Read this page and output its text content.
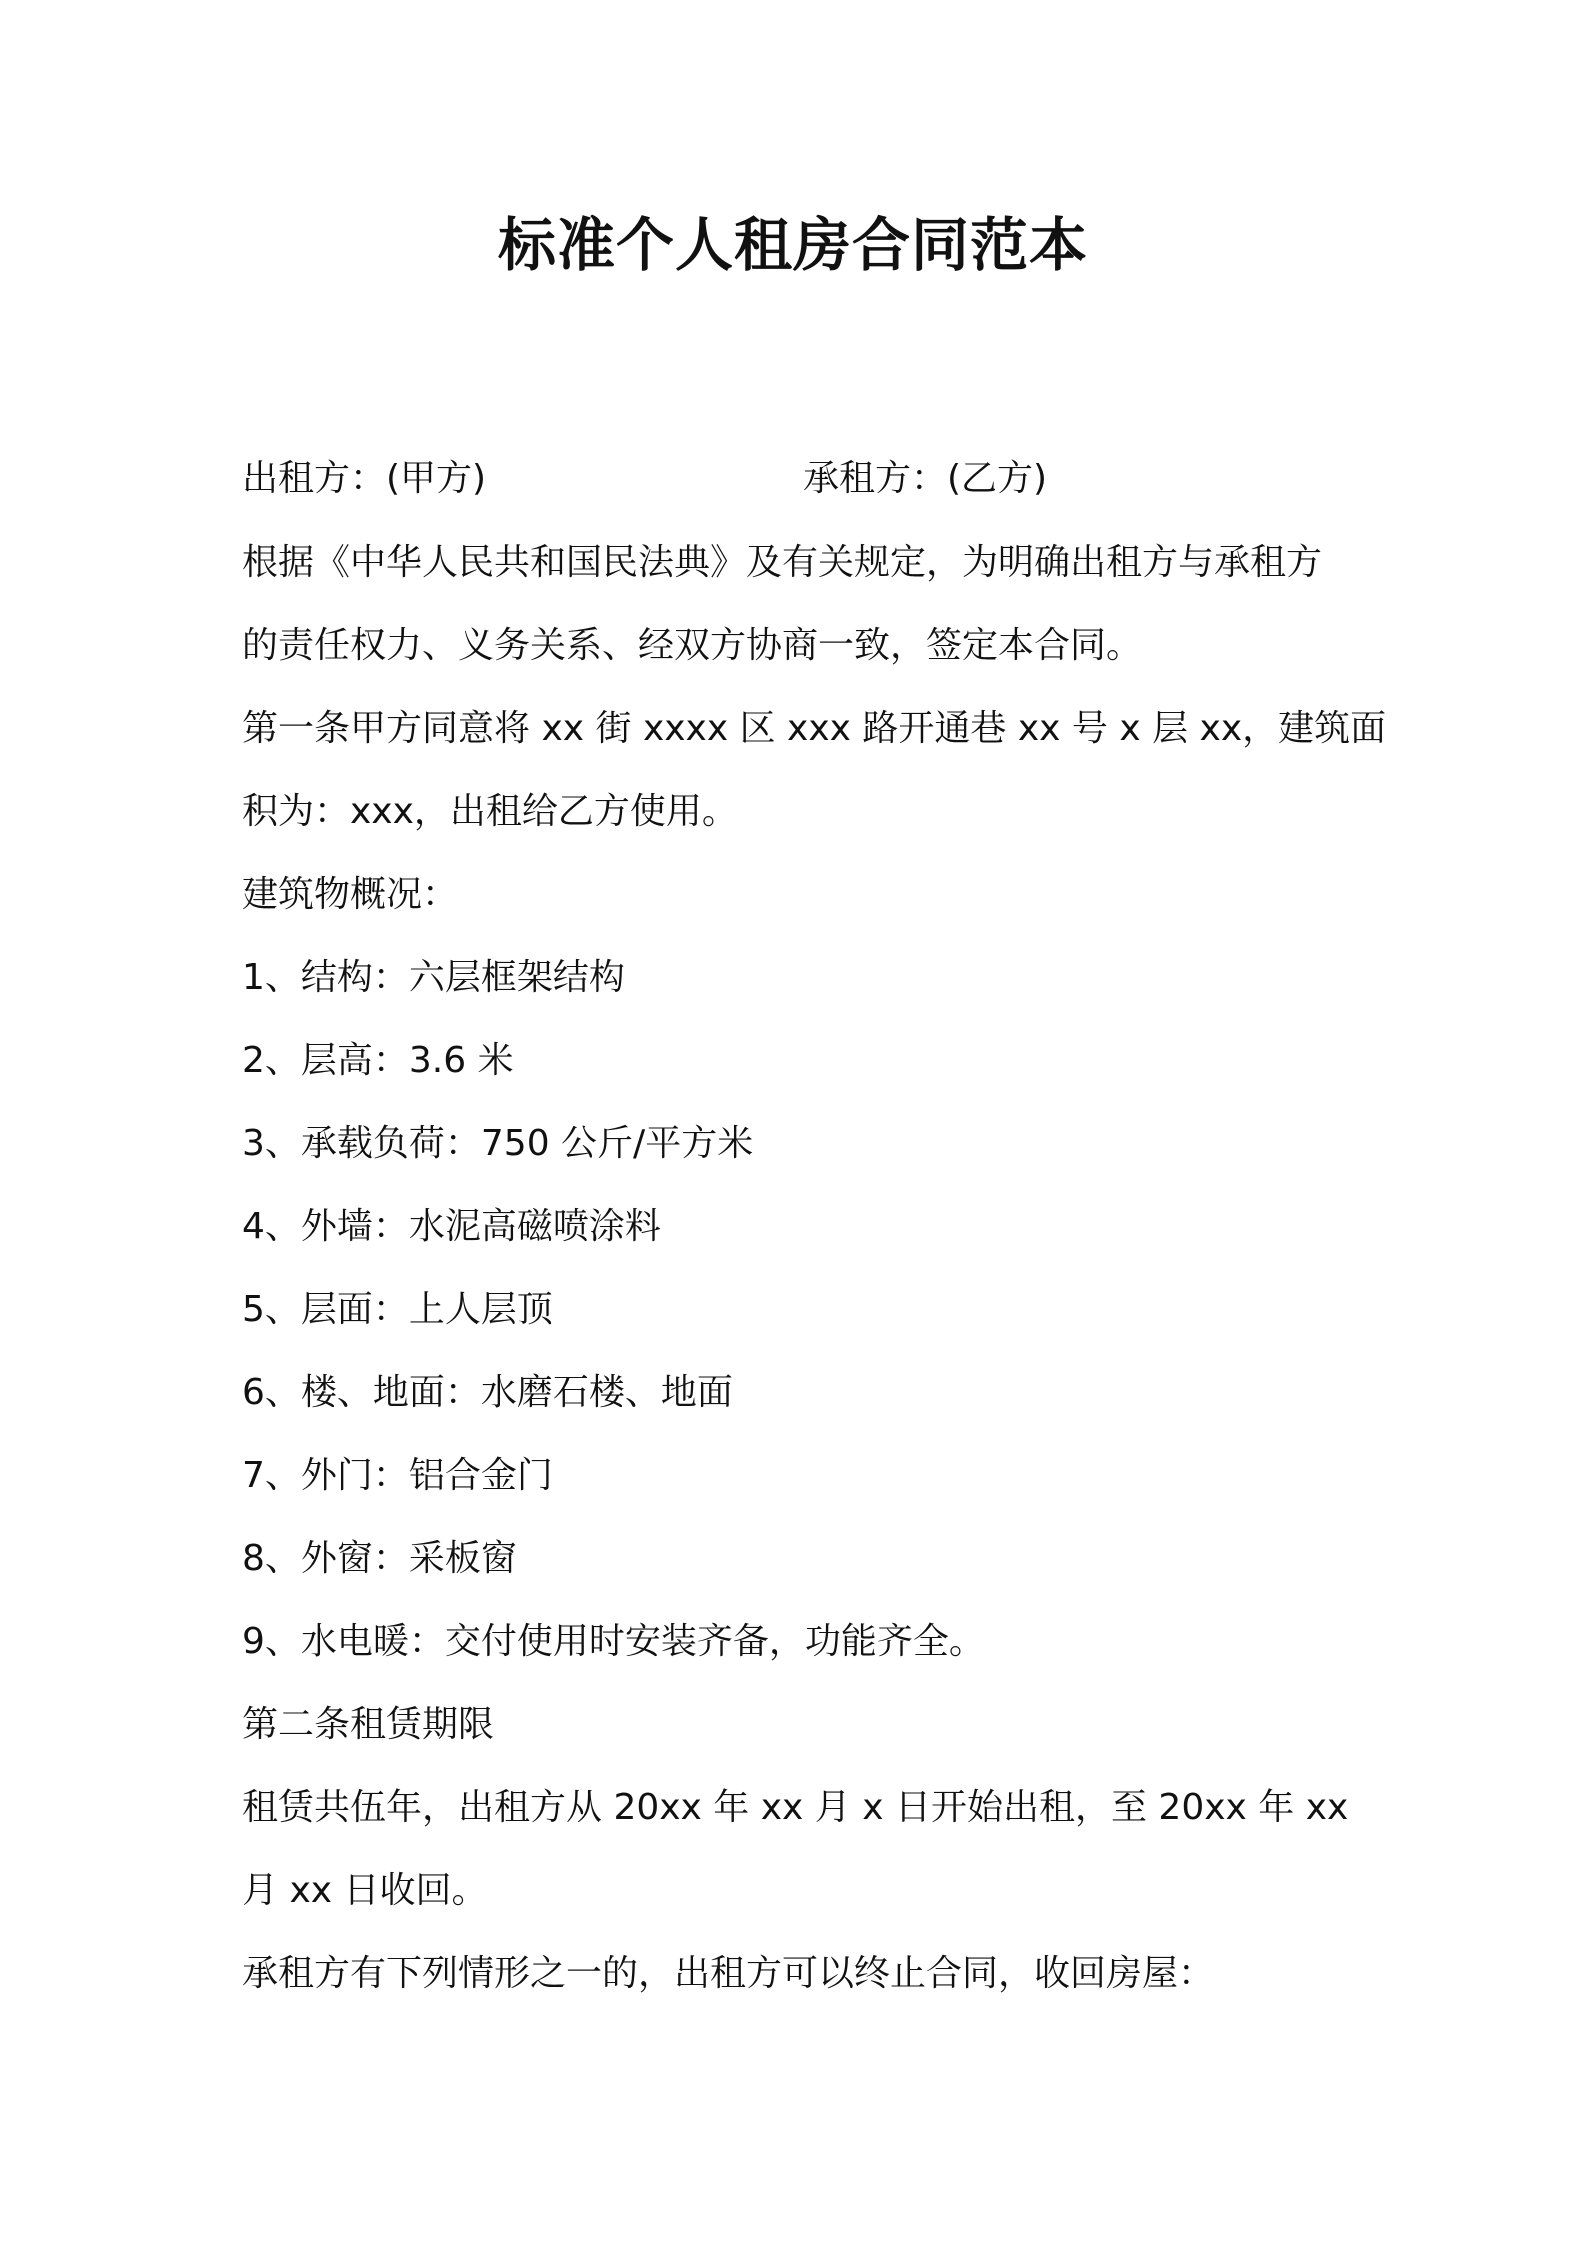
标准个人租房合同范本
出租方：(甲方)	承租方：(乙方)
根据《中华人民共和国民法典》及有关规定，为明确出租方与承租方
的责任权力、义务关系、经双方协商一致，签定本合同。
第一条甲方同意将 xx 街 xxxx 区 xxx 路开通巷 xx 号 x 层 xx，建筑面
积为：xxx，出租给乙方使用。
建筑物概况：
1、结构：六层框架结构
2、层高：3.6 米
3、承载负荷：750 公斤/平方米
4、外墙：水泥高磁喷涂料
5、层面：上人层顶
6、楼、地面：水磨石楼、地面
7、外门：铝合金门
8、外窗：采板窗
9、水电暖：交付使用时安装齐备，功能齐全。
第二条租赁期限
租赁共伍年，出租方从 20xx 年 xx 月 x 日开始出租，至 20xx 年 xx
月 xx 日收回。
承租方有下列情形之一的，出租方可以终止合同，收回房屋：
